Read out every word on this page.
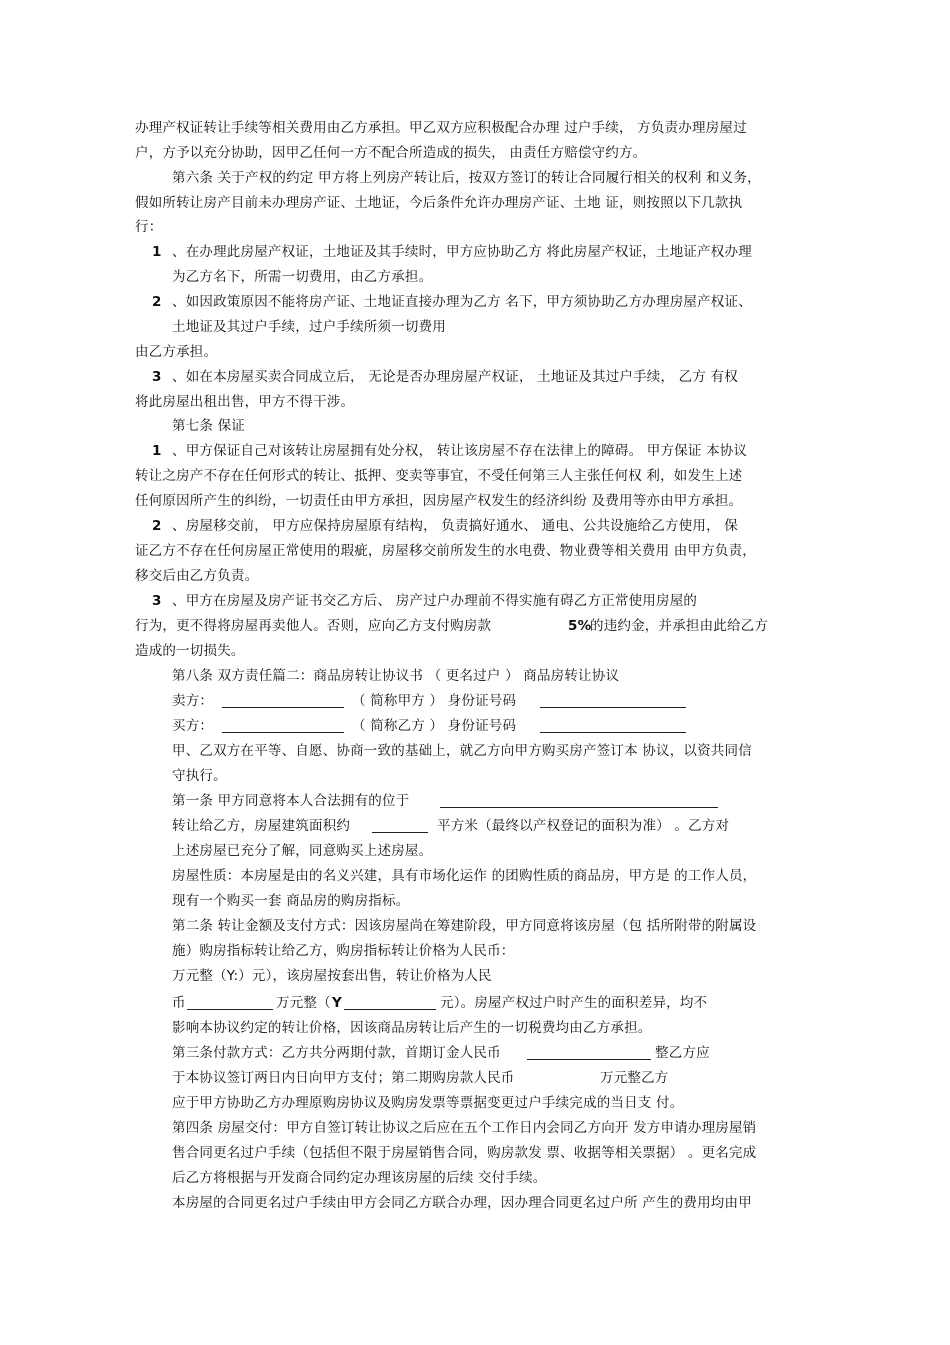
办理产权证转让手续等相关费用由乙方承担。甲乙双方应积极配合办理 过户手续， 方负责办理房屋过
户，方予以充分协助，因甲乙任何一方不配合所造成的损失， 由责任方赔偿守约方。
第六条 关于产权的约定 甲方将上列房产转让后，按双方签订的转让合同履行相关的权利 和义务，
假如所转让房产目前未办理房产证、土地证，今后条件允许办理房产证、土地 证，则按照以下几款执
行：
1 、在办理此房屋产权证，土地证及其手续时，甲方应协助乙方 将此房屋产权证，土地证产权办理
为乙方名下，所需一切费用，由乙方承担。
2 、如因政策原因不能将房产证、土地证直接办理为乙方 名下，甲方须协助乙方办理房屋产权证、
土地证及其过户手续，过户手续所须一切费用
由乙方承担。
3 、如在本房屋买卖合同成立后， 无论是否办理房屋产权证， 土地证及其过户手续， 乙方 有权
将此房屋出租出售，甲方不得干涉。
第七条 保证
1 、甲方保证自己对该转让房屋拥有处分权， 转让该房屋不存在法律上的障碍。 甲方保证 本协议
转让之房产不存在任何形式的转让、抵押、变卖等事宜，不受任何第三人主张任何权 利，如发生上述
任何原因所产生的纠纷，一切责任由甲方承担，因房屋产权发生的经济纠纷 及费用等亦由甲方承担。
2 、房屋移交前， 甲方应保持房屋原有结构， 负责搞好通水、 通电、公共设施给乙方使用， 保
证乙方不存在任何房屋正常使用的瑕疵，房屋移交前所发生的水电费、物业费等相关费用 由甲方负责，
移交后由乙方负责。
3 、甲方在房屋及房产证书交乙方后、 房产过户办理前不得实施有碍乙方正常使用房屋的
行为，更不得将房屋再卖他人。否则，应向乙方支付购房款	5%
的违约金，并承担由此给乙方
造成的一切损失。
第八条 双方责任篇二：商品房转让协议书 （ 更名过户 ） 商品房转让协议
卖方：	（ 简称甲方 ） 身份证号码
买方：	（ 简称乙方 ） 身份证号码
甲、乙双方在平等、自愿、协商一致的基础上，就乙方向甲方购买房产签订本 协议，以资共同信
守执行。
第一条 甲方同意将本人合法拥有的位于
转让给乙方，房屋建筑面积约	平方米（最终以产权登记的面积为准） 。乙方对
上述房屋已充分了解，同意购买上述房屋。
房屋性质：本房屋是由的名义兴建，具有市场化运作 的团购性质的商品房，甲方是 的工作人员，
现有一个购买一套 商品房的购房指标。
第二条 转让金额及支付方式：因该房屋尚在筹建阶段，甲方同意将该房屋（包 括所附带的附属设
施）购房指标转让给乙方，购房指标转让价格为人民币：
万元整（Y:）元），该房屋按套出售，转让价格为人民
币	万元整（ Y	元）。房屋产权过户时产生的面积差异，均不
影响本协议约定的转让价格，因该商品房转让后产生的一切税费均由乙方承担。
第三条付款方式：乙方共分两期付款，首期订金人民币	整乙方应
于本协议签订两日内日向甲方支付；第二期购房款人民币	万元整乙方
应于甲方协助乙方办理原购房协议及购房发票等票据变更过户手续完成的当日支 付。
第四条 房屋交付：甲方自签订转让协议之后应在五个工作日内会同乙方向开 发方申请办理房屋销
售合同更名过户手续（包括但不限于房屋销售合同，购房款发 票、收据等相关票据） 。更名完成
后乙方将根据与开发商合同约定办理该房屋的后续 交付手续。
本房屋的合同更名过户手续由甲方会同乙方联合办理，因办理合同更名过户所 产生的费用均由甲
